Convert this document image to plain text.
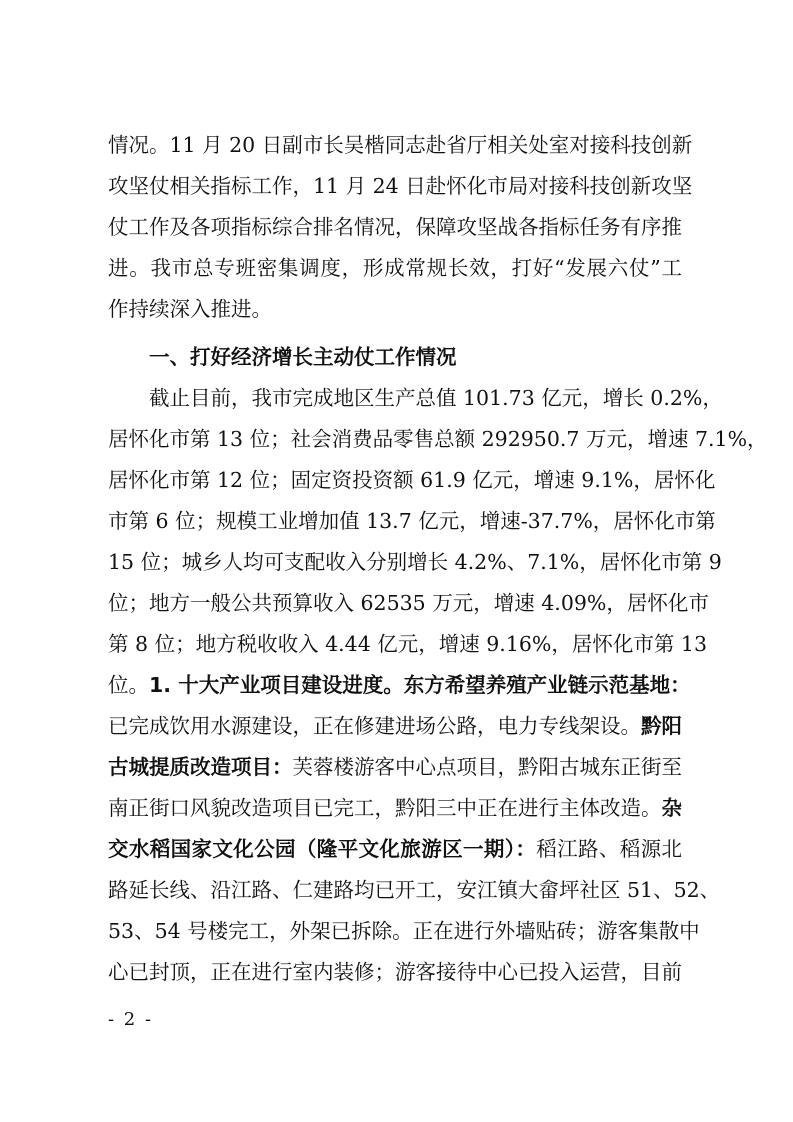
情况。11 月 20 日副市长吴楷同志赴省厅相关处室对接科技创新
攻坚仗相关指标工作，11 月 24 日赴怀化市局对接科技创新攻坚
仗工作及各项指标综合排名情况，保障攻坚战各指标任务有序推
进。我市总专班密集调度，形成常规长效，打好“发展六仗”工
作持续深入推进。
一、打好经济增长主动仗工作情况
截止目前，我市完成地区生产总值 101.73 亿元，增长 0.2%，
居怀化市第 13 位；社会消费品零售总额 292950.7 万元，增速 7.1%，
居怀化市第 12 位；固定资投资额 61.9 亿元，增速 9.1%，居怀化
市第 6 位；规模工业增加值 13.7 亿元，增速-37.7%，居怀化市第
15 位；城乡人均可支配收入分别增长 4.2%、7.1%，居怀化市第 9
位；地方一般公共预算收入 62535 万元，增速 4.09%，居怀化市
第 8 位；地方税收收入 4.44 亿元，增速 9.16%，居怀化市第 13
位。1. 十大产业项目建设进度。东方希望养殖产业链示范基地：
已完成饮用水源建设，正在修建进场公路，电力专线架设。黔阳
古城提质改造项目：芙蓉楼游客中心点项目，黔阳古城东正街至
南正街口风貌改造项目已完工，黔阳三中正在进行主体改造。杂
交水稻国家文化公园（隆平文化旅游区一期）：稻江路、稻源北
路延长线、沿江路、仁建路均已开工，安江镇大畲坪社区 51、52、
53、54 号楼完工，外架已拆除。正在进行外墙贴砖；游客集散中
心已封顶，正在进行室内装修；游客接待中心已投入运营，目前
- 2 -
